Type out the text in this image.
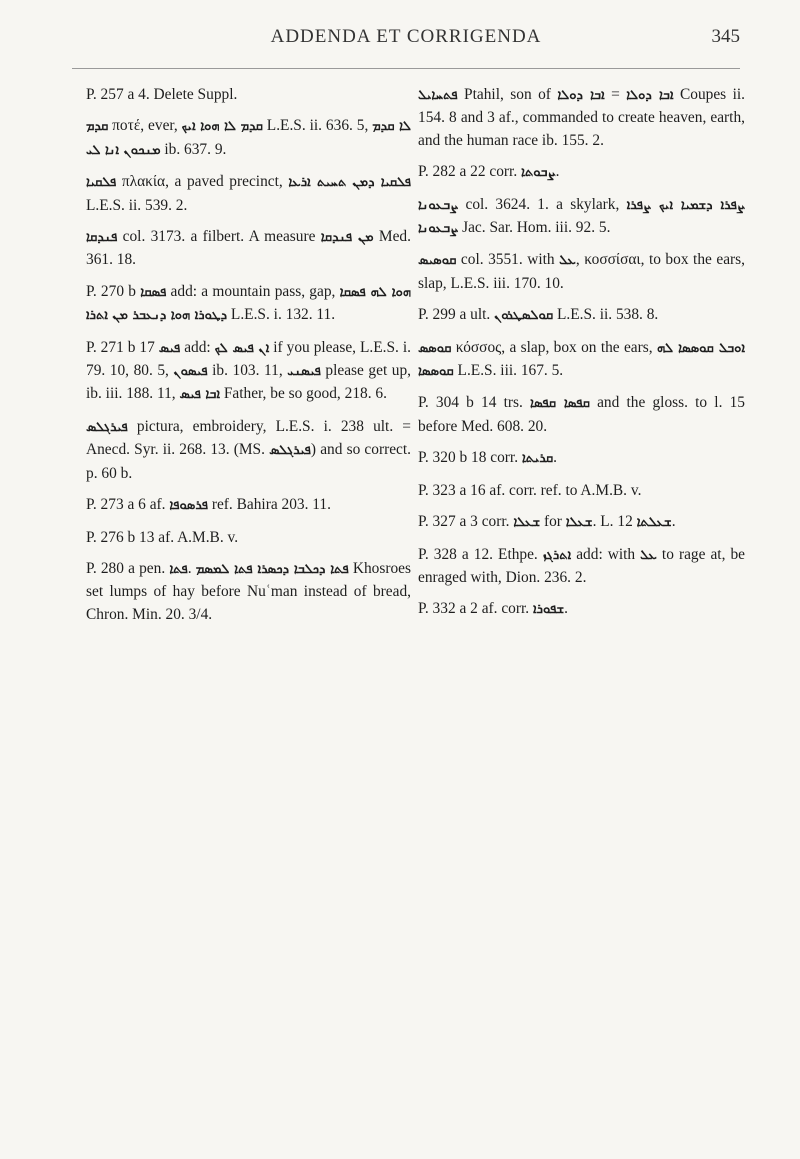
ADDENDA ET CORRIGENDA	345

P. 257 a 4. Delete Suppl.

ܩܕܡ ποτέ, ever, ܩܕܡ ܠܐ ܗܘܐ ܐܝܟ L.E.S. ii. 636. 5, ܠܐ ܩܕܡ ܡܢܟܘܢ ܐܢܐ ܠܝ ib. 637. 9.

ܦܠܩܝܐ πλακία, a paved precinct, ܦܠܩܝܐ ܕܡܢ ܬܚܝܬ ܐܪܥܐ L.E.S. ii. 539. 2.

ܦܢܕܩܐ col. 3173. a filbert. A measure ܡܢ ܦܢܕܩܐ Med. 361. 18.

P. 270 b ܦܣܩܐ add: a mountain pass, gap, ܗܘܐ ܠܗ ܦܣܩܐ ܕܛܘܪܐ ܗܘܐ ܕܢܥܒܪ ܡܢ ܐܬܪܐ L.E.S. i. 132. 11.

P. 271 b 17 ܦܝܣ add: ܐܢ ܦܝܣ ܠܟ if you please, L.E.S. i. 79. 10, 80. 5, ܦܝܣܘܢ ib. 103. 11, ܦܝܣܢܝ please get up, ib. iii. 188. 11, ܐܒܐ ܦܝܣ Father, be so good, 218. 6.

ܦܝܪܓܠܣ pictura, embroidery, L.E.S. i. 238 ult. = Anecd. Syr. ii. 268. 13. (MS. ܦܝܪܓܠܣ) and so correct. p. 60 b.

P. 273 a 6 af. ܦܪܣܘܦܐ ref. Bahira 203. 11.

P. 276 b 13 af. A.M.B. v.

P. 280 a pen. ܦܬܐ. ܦܬܐ ܕܟܠܒܐ ܕܟܣܪܐ ܦܬܐ ܠܡܣܡ Khosroes set lumps of hay before Nuʿman instead of bread, Chron. Min. 20. 3/4.

ܦܬܚܐܝܠ Ptahil, son of ܐܒܐ ܕܘܠܐ = ܐܒܐ ܕܘܠܐ Coupes ii. 154. 8 and 3 af., commanded to create heaven, earth, and the human race ib. 155. 2.

P. 282 a 22 corr. ܨܒܘܬܐ.

ܨܒܥܘܢܐ col. 3624. 1. a skylark, ܨܦܪܐ ܕܫܡܝܐ ܐܝܟ ܨܦܪܐ ܨܒܥܘܢܐ Jac. Sar. Hom. iii. 92. 5.

ܩܘܣܝܣ col. 3551. with ܥܠ, κοσσίσαι, to box the ears, slap, L.E.S. iii. 170. 10.

P. 299 a ult. ܩܘܠܣܛܪܘܢ L.E.S. ii. 538. 8.

ܩܘܣܣ κόσσος, a slap, box on the ears, ܐܘܒܠ ܩܘܣܣܐ ܠܗ ܩܘܣܣܐ L.E.S. iii. 167. 5.

P. 304 b 14 trs. ܩܦܣܐ ܩܦܣܐ and the gloss. to l. 15 before Med. 608. 20.

P. 320 b 18 corr. ܩܪܝܬܐ.

P. 323 a 16 af. corr. ref. to A.M.B. v.

P. 327 a 3 corr. ܫܥܠܐ for ܫܥܠܐ. L. 12 ܫܥܠܬܐ.

P. 328 a 12. Ethpe. ܐܬܪܓܙ add: with ܥܠ to rage at, be enraged with, Dion. 236. 2.

P. 332 a 2 af. corr. ܫܦܘܪܐ.
